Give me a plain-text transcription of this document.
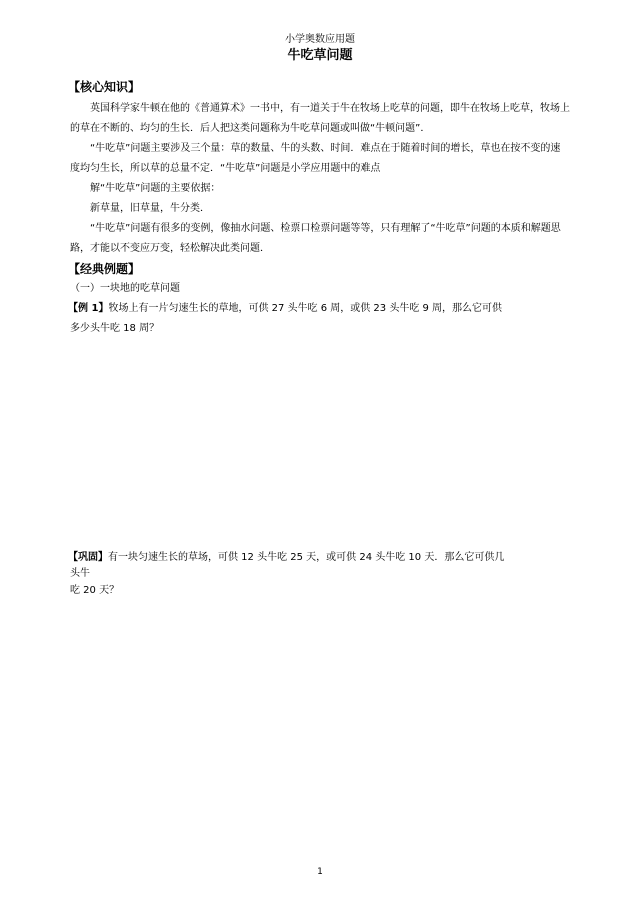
小学奥数应用题
牛吃草问题
【核心知识】
英国科学家牛顿在他的《普通算术》一书中，有一道关于牛在牧场上吃草的问题，即牛在牧场上吃草，牧场上的草在不断的、均匀的生长．后人把这类问题称为牛吃草问题或叫做“牛顿问题”．
“牛吃草”问题主要涉及三个量：草的数量、牛的头数、时间．难点在于随着时间的增长，草也在按不变的速度均匀生长，所以草的总量不定．“牛吃草”问题是小学应用题中的难点
解“牛吃草”问题的主要依据：
新草量，旧草量，牛分类．
“牛吃草”问题有很多的变例，像抽水问题、检票口检票问题等等，只有理解了“牛吃草”问题的本质和解题思路，才能以不变应万变，轻松解决此类问题．
【经典例题】
（一）一块地的吃草问题
【例 1】牧场上有一片匀速生长的草地，可供 27 头牛吃 6 周，或供 23 头牛吃 9 周，那么它可供
多少头牛吃 18 周？
【巩固】有一块匀速生长的草场，可供 12 头牛吃 25 天，或可供 24 头牛吃 10 天．那么它可供几
头牛
吃 20 天？
1
